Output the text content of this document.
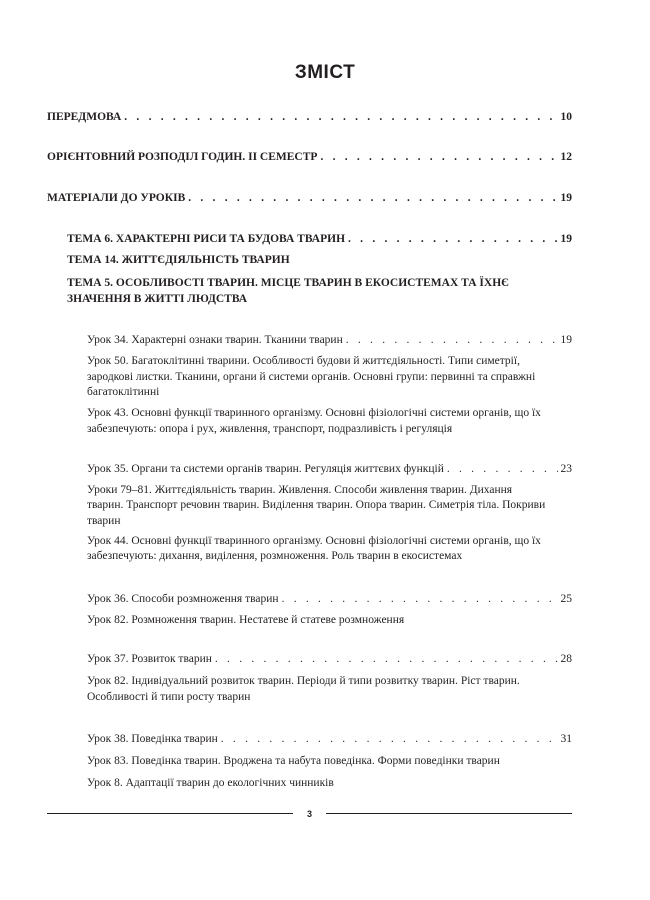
ЗМІСТ
ПЕРЕДМОВА . . .	10
ОРІЄНТОВНИЙ РОЗПОДІЛ ГОДИН. ІІ СЕМЕСТР . . .	12
МАТЕРІАЛИ ДО УРОКІВ . . .	19
ТЕМА 6. ХАРАКТЕРНІ РИСИ ТА БУДОВА ТВАРИН . . .	19
ТЕМА 14. ЖИТТЄДІЯЛЬНІСТЬ ТВАРИН
ТЕМА 5. ОСОБЛИВОСТІ ТВАРИН. МІСЦЕ ТВАРИН В ЕКОСИСТЕМАХ ТА ЇХНЄ ЗНАЧЕННЯ В ЖИТТІ ЛЮДСТВА
Урок 34. Характерні ознаки тварин. Тканини тварин . . .	19
Урок 50. Багатоклітинні тварини. Особливості будови й життєдіяльності. Типи симетрії, зародкові листки. Тканини, органи й системи органів. Основні групи: первинні та справжні багатоклітинні
Урок 43. Основні функції тваринного організму. Основні фізіологічні системи органів, що їх забезпечують: опора і рух, живлення, транспорт, подразливість і регуляція
Урок 35. Органи та системи органів тварин. Регуляція життєвих функцій . . .	23
Уроки 79–81. Життєдіяльність тварин. Живлення. Способи живлення тварин. Дихання тварин. Транспорт речовин тварин. Виділення тварин. Опора тварин. Симетрія тіла. Покриви тварин
Урок 44. Основні функції тваринного організму. Основні фізіологічні системи органів, що їх забезпечують: дихання, виділення, розмноження. Роль тварин в екосистемах
Урок 36. Способи розмноження тварин . . .	25
Урок 82. Розмноження тварин. Нестатеве й статеве розмноження
Урок 37. Розвиток тварин . . .	28
Урок 82. Індивідуальний розвиток тварин. Періоди й типи розвитку тварин. Ріст тварин. Особливості й типи росту тварин
Урок 38. Поведінка тварин . . .	31
Урок 83. Поведінка тварин. Вроджена та набута поведінка. Форми поведінки тварин
Урок 8. Адаптації тварин до екологічних чинників
3
